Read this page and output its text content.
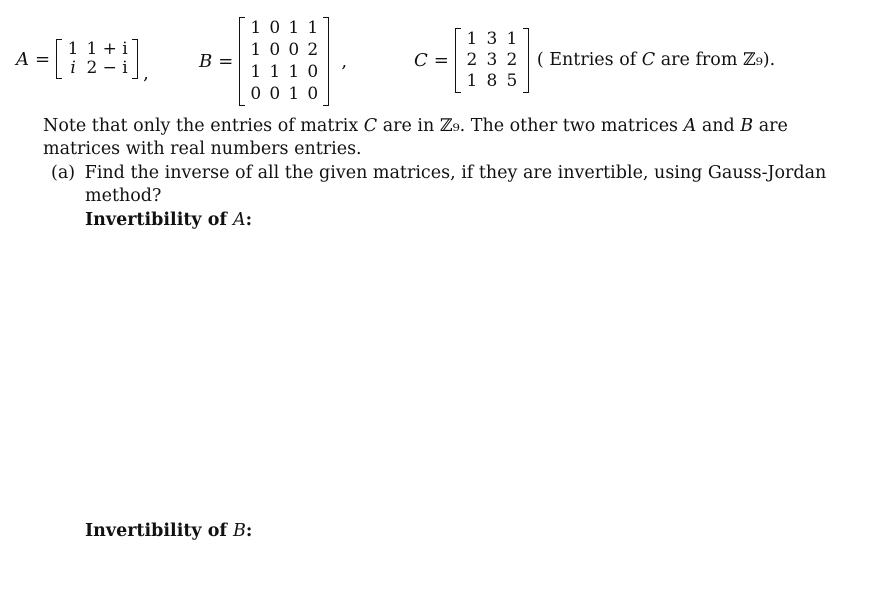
A = 1 1 + i
i 2 − i ,
B =
1 0 1 1
1 0 0 2
1 1 1 0
0 0 1 0
,	C =
1 3 1
2 3 2
1 8 5
( Entries of C are from ℤ₉).
Note that only the entries of matrix C are in ℤ₉. The other two matrices A and B are
matrices with real numbers entries.
(a) Find the inverse of all the given matrices, if they are invertible, using Gauss-Jordan
method?
Invertibility of A:
Invertibility of B:
